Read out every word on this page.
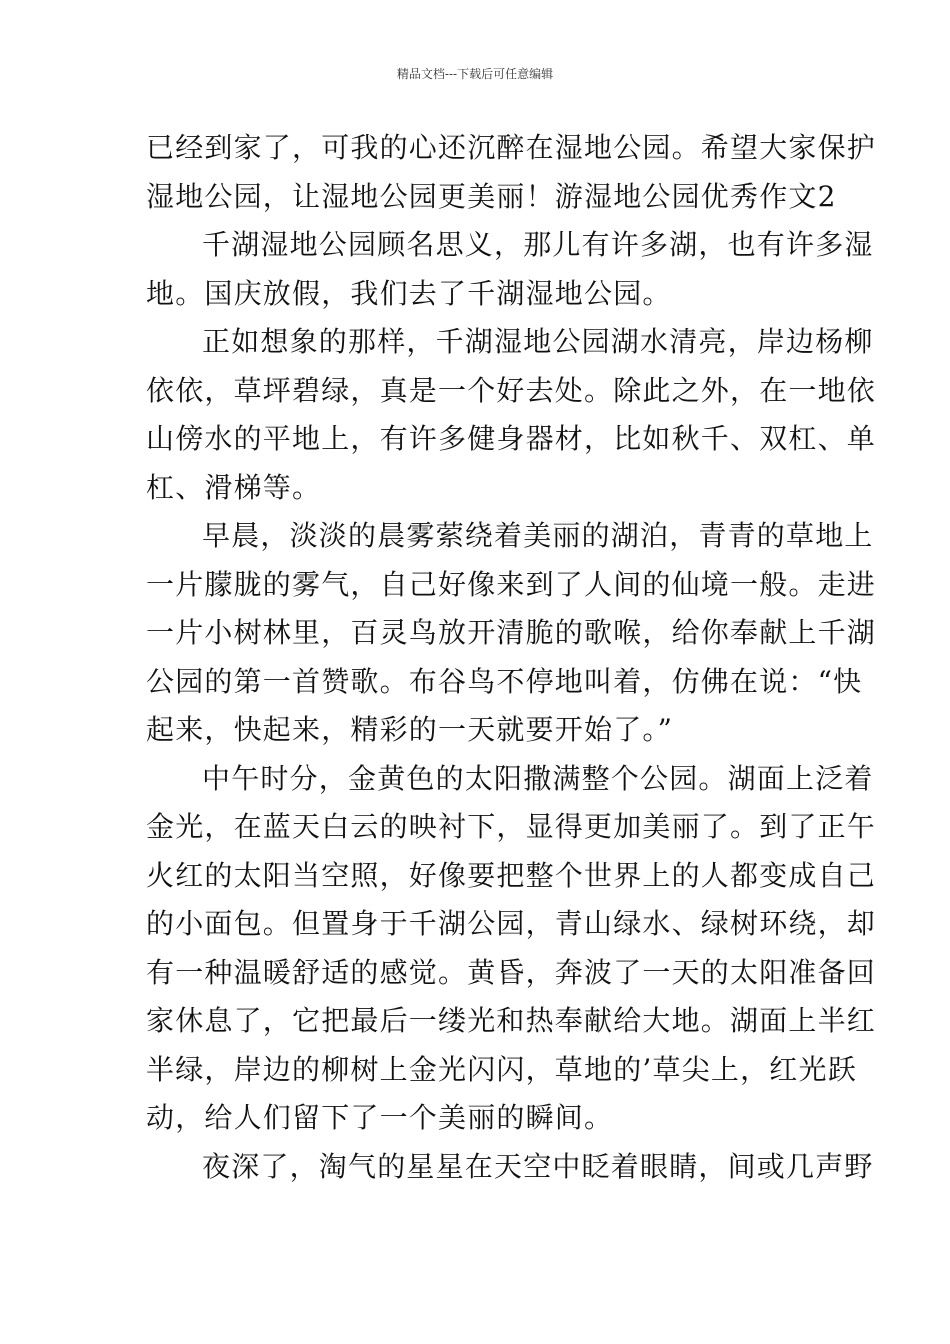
精品文档---下载后可任意编辑
已经到家了，可我的心还沉醉在湿地公园。希望大家保护
湿地公园，让湿地公园更美丽！游湿地公园优秀作文2
千湖湿地公园顾名思义，那儿有许多湖，也有许多湿
地。国庆放假，我们去了千湖湿地公园。
正如想象的那样，千湖湿地公园湖水清亮，岸边杨柳
依依，草坪碧绿，真是一个好去处。除此之外，在一地依
山傍水的平地上，有许多健身器材，比如秋千、双杠、单
杠、滑梯等。
早晨，淡淡的晨雾萦绕着美丽的湖泊，青青的草地上
一片朦胧的雾气，自己好像来到了人间的仙境一般。走进
一片小树林里，百灵鸟放开清脆的歌喉，给你奉献上千湖
公园的第一首赞歌。布谷鸟不停地叫着，仿佛在说：“快
起来，快起来，精彩的一天就要开始了。”
中午时分，金黄色的太阳撒满整个公园。湖面上泛着
金光，在蓝天白云的映衬下，显得更加美丽了。到了正午
火红的太阳当空照，好像要把整个世界上的人都变成自己
的小面包。但置身于千湖公园，青山绿水、绿树环绕，却
有一种温暖舒适的感觉。黄昏，奔波了一天的太阳准备回
家休息了，它把最后一缕光和热奉献给大地。湖面上半红
半绿，岸边的柳树上金光闪闪，草地的’草尖上，红光跃
动，给人们留下了一个美丽的瞬间。
夜深了，淘气的星星在天空中眨着眼睛，间或几声野
